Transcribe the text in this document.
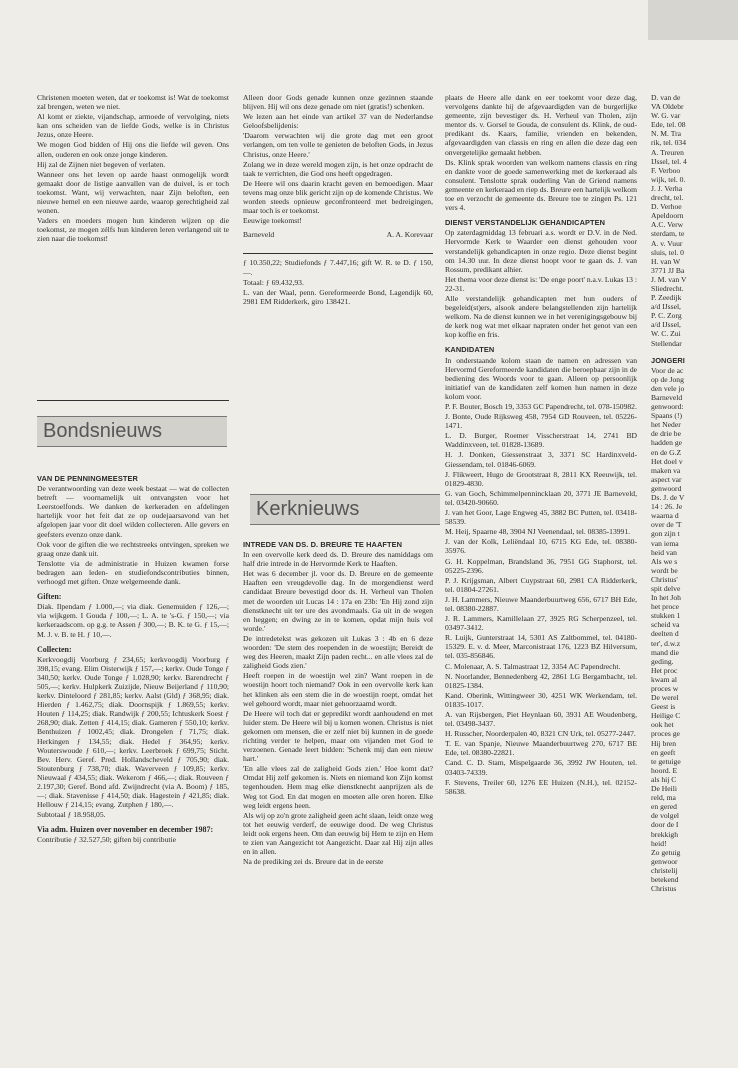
Christenen moeten weten, dat er toekomst is! Wat de toekomst zal brengen, weten we niet.

Al komt er ziekte, vijandschap, armoede of vervolging, niets kan ons scheiden van de liefde Gods, welke is in Christus Jezus, onze Heere.

We mogen God bidden of Hij ons die liefde wil geven. Ons allen, ouderen en ook onze jonge kinderen.

Hij zal de Zijnen niet begeven of verlaten.

Wanneer ons het leven op aarde haast onmogelijk wordt gemaakt door de listige aanvallen van de duivel, is er toch toekomst. Want, wij verwachten, naar Zijn beloften, een nieuwe hemel en een nieuwe aarde, waarop gerechtigheid zal wonen.

Vaders en moeders mogen hun kinderen wijzen op die toekomst, ze mogen zélfs hun kinderen leren verlangend uit te zien naar die toekomst!

Alleen door Gods genade kunnen onze gezinnen staande blijven. Hij wil ons deze genade om niet (gratis!) schenken.

We lezen aan het einde van artikel 37 van de Nederlandse Geloofsbelijdenis:

'Daarom verwachten wij die grote dag met een groot verlangen, om ten volle te genieten de beloften Gods, in Jezus Christus, onze Heere.'

Zolang we in deze wereld mogen zijn, is het onze opdracht de taak te verrichten, die God ons heeft opgedragen.

De Heere wil ons daarin kracht geven en bemoedigen. Maar tevens mag onze blik gericht zijn op de komende Christus. We worden steeds opnieuw geconfronteerd met bedreigingen, maar toch is er toekomst.

Eeuwige toekomst!

Barneveld	A. A. Korevaar

ƒ 10.350,22; Studiefonds ƒ 7.447,16; gift W. R. te D. ƒ 150,—.

Totaal: ƒ 69.432,93.

L. van der Waal, penn. Gereformeerde Bond, Lagendijk 60, 2981 EM Ridderkerk, giro 138421.

Bondsnieuws
VAN DE PENNINGMEESTER

De verantwoording van deze week bestaat — wat de collecten betreft — voornamelijk uit ontvangsten voor het Leerstoelfonds. We danken de kerkeraden en afdelingen hartelijk voor het feit dat ze op oudejaarsavond van het afgelopen jaar voor dit doel wilden collecteren. Alle gevers en geefsters evenzo onze dank.

Ook voor de giften die we rechtstreeks ontvingen, spreken we graag onze dank uit.

Tenslotte via de administratie in Huizen kwamen forse bedragen aan leden- en studiefondscontributies binnen, verhoogd met giften. Onze welgemeende dank.

Giften:

Diak. Ilpendam ƒ 1.000,—; via diak. Genemuiden ƒ 126,—; via wijkgem. I Gouda ƒ 100,—; L. A. te 's-G. ƒ 150,—; via kerkeraadscom. op g.g. te Assen ƒ 300,—; B. K. te G. ƒ 15,—; M. J. v. B. te H. ƒ 10,—.

Collecten:

Kerkvoogdij Voorburg ƒ 234,65; kerkvoogdij Voorburg ƒ 398,15; evang. Elim Oisterwijk ƒ 157,—; kerkv. Oude Tonge ƒ 340,50; kerkv. Oude Tonge ƒ 1.028,90; kerkv. Barendrecht ƒ 505,—; kerkv. Hulpkerk Zuizijde, Nieuw Beijerland ƒ 110,90; kerkv. Dinteloord ƒ 281,85; kerkv. Aalst (Gld) ƒ 368,95; diak. Hierden ƒ 1.462,75; diak. Doornspijk ƒ 1.869,55; kerkv. Houten ƒ 114,25; diak. Randwijk ƒ 200,55; Ichtuskerk Soest ƒ 268,90; diak. Zetten ƒ 414,15; diak. Gameren ƒ 550,10; kerkv. Benthuizen ƒ 1002,45; diak. Drongelen ƒ 71,75; diak. Herkingen ƒ 134,55; diak. Hedel ƒ 364,95; kerkv. Wouterswoude ƒ 610,—; kerkv. Leerbroek ƒ 699,75; Sticht. Bev. Herv. Geref. Pred. Hollandscheveld ƒ 705,90; diak. Stoutenburg ƒ 738,70; diak. Waverveen ƒ 109,85; kerkv. Nieuwaal ƒ 434,55; diak. Wekerom ƒ 466,—; diak. Rouveen ƒ 2.197,30; Geref. Bond afd. Zwijndrecht (via A. Boom) ƒ 185,—; diak. Stavenisse ƒ 414,50; diak. Hagestein ƒ 421,85; diak. Hellouw ƒ 214,15; evang. Zutphen ƒ 180,—.

Subtotaal ƒ 18.958,05.

Via adm. Huizen over november en december 1987:

Contributie ƒ 32.527,50; giften bij contributie

Kerknieuws
INTREDE VAN DS. D. BREURE TE HAAFTEN

In een overvolle kerk deed ds. D. Breure des namiddags om half drie intrede in de Hervormde Kerk te Haaften.

Het was 6 december jl. voor ds. D. Breure en de gemeente Haaften een vreugdevolle dag. In de morgendienst werd candidaat Breure bevestigd door ds. H. Verheul van Tholen met de woorden uit Lucas 14 : 17a en 23b: 'En Hij zond zijn dienstknecht uit ter ure des avondmaals. Ga uit in de wegen en heggen; en dwing ze in te komen, opdat mijn huis vol worde.'

De intredetekst was gekozen uit Lukas 3 : 4b en 6 deze woorden: 'De stem des roependen in de woestijn; Bereidt de weg des Heeren, maakt Zijn paden recht... en alle vlees zal de zaligheid Gods zien.'

Heeft roepen in de woestijn wel zin? Want roepen in de woestijn hoort toch niemand? Ook in een overvolle kerk kan het klinken als een stem die in de woestijn roept, omdat het wel gehoord wordt, maar niet gehoorzaamd wordt.

De Heere wil toch dat er gepredikt wordt aanhoudend en met luider stem. De Heere wil bij u komen wonen. Christus is niet gekomen om mensen, die er zelf niet bij kunnen in de goede richting verder te helpen, maar om vijanden met God te verzoenen. Genade leert bidden: 'Schenk mij dan een nieuw hart.'

'En alle vlees zal de zaligheid Gods zien.' Hoe komt dat? Omdat Hij zelf gekomen is. Niets en niemand kon Zijn komst tegenhouden. Hem mag elke dienstknecht aanprijzen als de Weg tot God. En dat mogen en moeten alle oren horen. Elke weg leidt ergens heen.

Als wij op zo'n grote zaligheid geen acht slaan, leidt onze weg tot het eeuwig verderf, de eeuwige dood. De weg Christus leidt ook ergens heen. Om dan eeuwig bij Hem te zijn en Hem te zien van Aangezicht tot Aangezicht. Daar zal Hij zijn alles en in allen.

Na de prediking zei ds. Breure dat in de eerste

plaats de Heere alle dank en eer toekomt voor deze dag, vervolgens dankte hij de afgevaardigden van de burgerlijke gemeente, zijn bevestiger ds. H. Verheul van Tholen, zijn mentor ds. v. Gorsel te Gouda, de consulent ds. Klink, de oud-predikant ds. Kaars, familie, vrienden en bekenden, afgevaardigden van classis en ring en allen die deze dag een onvergetelijke gemaakt hebben.

Ds. Klink sprak woorden van welkom namens classis en ring en dankte voor de goede samenwerking met de kerkeraad als consulent. Tenslotte sprak ouderling Van de Griend namens gemeente en kerkeraad en riep ds. Breure een hartelijk welkom toe en verzocht de gemeente ds. Breure toe te zingen Ps. 121 vers 4.

DIENST VERSTANDELIJK GEHANDICAPTEN

Op zaterdagmiddag 13 februari a.s. wordt er D.V. in de Ned. Hervormde Kerk te Waarder een dienst gehouden voor verstandelijk gehandicapten in onze regio. Deze dienst begint om 14.30 uur. In deze dienst hoopt voor te gaan ds. J. van Rossum, predikant alhier.

Het thema voor deze dienst is: 'De enge poort' n.a.v. Lukas 13 : 22-31.

Alle verstandelijk gehandicapten met hun ouders of begeleid(st)ers, alsook andere belangstellenden zijn hartelijk welkom. Na de dienst kunnen we in het verenigingsgebouw bij de kerk nog wat met elkaar napraten onder het genot van een kop koffie en fris.

KANDIDATEN

In onderstaande kolom staan de namen en adressen van Hervormd Gereformeerde kandidaten die beroepbaar zijn in de bediening des Woords voor te gaan. Alleen op persoonlijk initiatief van de kandidaten zelf komen hun namen in deze kolom voor.

P. F. Bouter, Bosch 19, 3353 GC Papendrecht, tel. 078-150982.

J. Bonte, Oude Rijksweg 458, 7954 GD Rouveen, tel. 05226-1471.

L. D. Burger, Roemer Visscherstraat 14, 2741 BD Waddinxveen, tel. 01828-13689.

H. J. Donken, Giessenstraat 3, 3371 SC Hardinxveld-Giessendam, tel. 01846-6069.

J. Flikweert, Hugo de Grootstraat 8, 2811 KX Reeuwijk, tel. 01829-4830.

G. van Goch, Schimmelpennincklaan 20, 3771 JE Barneveld, tel. 03420-90660.

J. van het Goor, Lage Engweg 45, 3882 BC Putten, tel. 03418-58539.

M. Heij, Spaarne 48, 3904 NJ Veenendaal, tel. 08385-13991.

J. van der Kolk, Leliëndaal 10, 6715 KG Ede, tel. 08380-35976.

G. H. Koppelman, Brandsland 36, 7951 GG Staphorst, tel. 05225-2396.

P. J. Krijgsman, Albert Cuypstraat 60, 2981 CA Ridderkerk, tel. 01804-27261.

J. H. Lammers, Nieuwe Maanderbuurtweg 656, 6717 BH Ede, tel. 08380-22887.

J. R. Lammers, Kamillelaan 27, 3925 RG Scherpenzeel, tel. 03497-3412.

R. Luijk, Gunterstraat 14, 5301 AS Zaltbommel, tel. 04180-15329. E. v. d. Meer, Marconistraat 176, 1223 BZ Hilversum, tel. 035-856846.

C. Molenaar, A. S. Talmastraat 12, 3354 AC Papendrecht.

N. Noorlander, Bennedenberg 42, 2861 LG Bergambacht, tel. 01825-1384.

Kand. Oberink, Wittingweer 30, 4251 WK Werkendam, tel. 01835-1017.

A. van Rijsbergen, Piet Heynlaan 60, 3931 AE Woudenberg, tel. 03498-3437.

H. Russcher, Noorderpalen 40, 8321 CN Urk, tel. 05277-2447.

T. E. van Spanje, Nieuwe Maanderbuurtweg 270, 6717 BE Ede, tel. 08380-22821.

Cand. C. D. Stam, Mispelgaarde 36, 3992 JW Houten, tel. 03403-74339.

F. Stevens, Treiler 60, 1276 EE Huizen (N.H.), tel. 02152-58638.

D. van de

VA Oldebr

W. G. var

Ede, tel. 08

N. M. Tra

rik, tel. 034

A. Treuren

IJssel, tel. 4

F. Verboo

wijk, tel. 0.

J. J. Verha

drecht, tel.

D. Verhoe

Apeldoorn

A.C. Verw

sterdam, te

A. v. Vuur

sluis, tel. 0

H. van W

3771 JJ Ba

J. M. van V

Sliedrecht.

P. Zeedijk

a/d IJssel,

P. C. Zorg

a/d IJssel,

W. C. Zui

Stellendar

JONGERI

Voor de ac

op de Jong

den vele jo

Barneveld

genwoord:

Spaans (!)

het Neder

de drie be

hadden ge

en de G.Z

Het doel v

maken va

aspect var

genwoord

Ds. J. de V

14 : 26. Je

waarna d

over de 'T

gon zijn t

van iema

heid van

Als we s

wordt be

Christus'

spit delve

In het Joh

het proce

stukken 1

scheid va

deelten d

ter', d.w.z

mand die

geding.

Het proc

kwam al

proces w

De werel

Geest is

Heilige C

ook het

proces ge

Hij bren

en geeft

te getuige

hoord. E

als hij C

De Heili

reld, ma

en gered

de volgel

door de I

brekkigh

heid!

Zo getuig

genwoor

christelij

betekend

Christus
